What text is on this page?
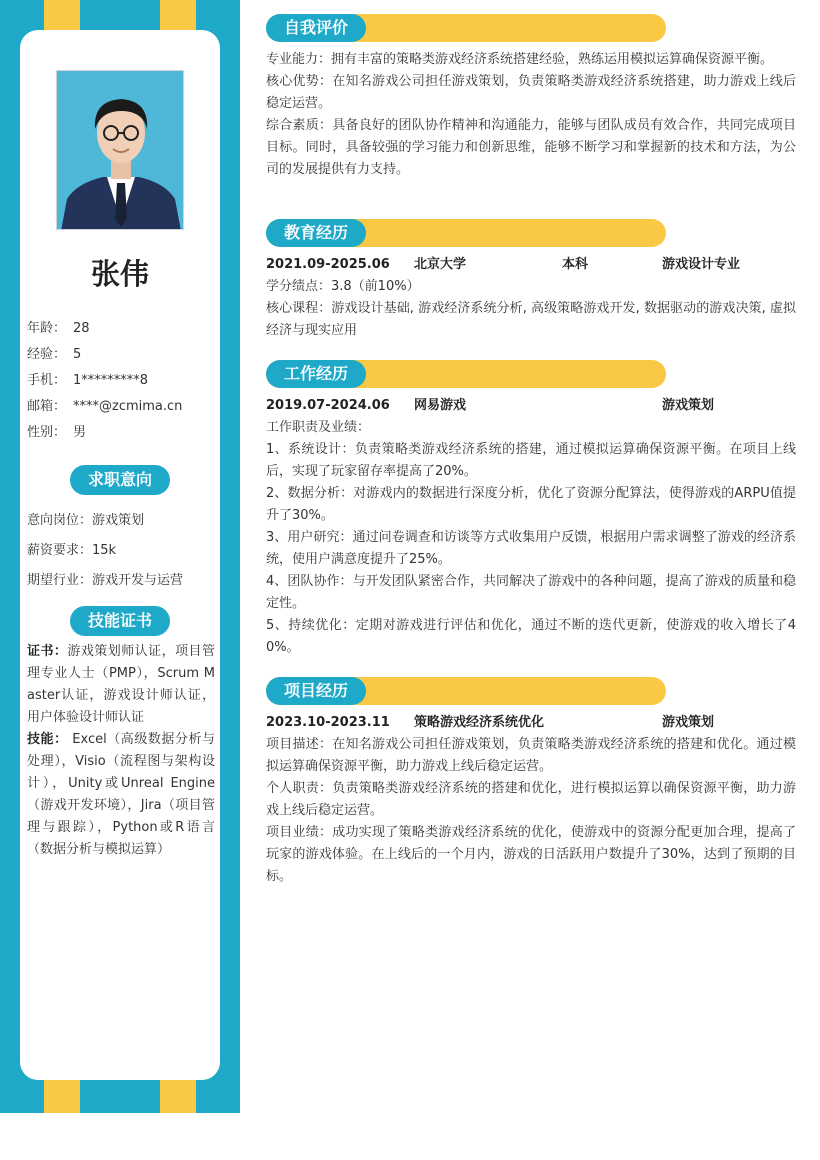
张伟
年龄： 28
经验： 5
手机： 1*********8
邮箱： ****@zcmima.cn
性别： 男
求职意向
意向岗位：游戏策划
薪资要求：15k
期望行业：游戏开发与运营
技能证书

证书：游戏策划师认证，项目管理专业人士（PMP），Scrum Master认证，游戏设计师认证，用户体验设计师认证

技能： Excel（高级数据分析与处理），Visio（流程图与架构设计），Unity或Unreal Engine（游戏开发环境），Jira（项目管理与跟踪），Python或R语言（数据分析与模拟运算）

自我评价

专业能力：拥有丰富的策略类游戏经济系统搭建经验，熟练运用模拟运算确保资源平衡。

核心优势：在知名游戏公司担任游戏策划，负责策略类游戏经济系统搭建，助力游戏上线后稳定运营。

综合素质：具备良好的团队协作精神和沟通能力，能够与团队成员有效合作，共同完成项目目标。同时，具备较强的学习能力和创新思维，能够不断学习和掌握新的技术和方法，为公司的发展提供有力支持。

教育经历
2021.09-2025.06	北京大学	本科	游戏设计专业

学分绩点：3.8（前10%）

核心课程：游戏设计基础, 游戏经济系统分析, 高级策略游戏开发, 数据驱动的游戏决策, 虚拟经济与现实应用

工作经历
2019.07-2024.06	网易游戏	游戏策划

工作职责及业绩：

1、系统设计：负责策略类游戏经济系统的搭建，通过模拟运算确保资源平衡。在项目上线后，实现了玩家留存率提高了20%。

2、数据分析：对游戏内的数据进行深度分析，优化了资源分配算法，使得游戏的ARPU值提升了30%。

3、用户研究：通过问卷调查和访谈等方式收集用户反馈，根据用户需求调整了游戏的经济系统，使用户满意度提升了25%。

4、团队协作：与开发团队紧密合作，共同解决了游戏中的各种问题，提高了游戏的质量和稳定性。

5、持续优化：定期对游戏进行评估和优化，通过不断的迭代更新，使游戏的收入增长了40%。

项目经历
2023.10-2023.11	策略游戏经济系统优化	游戏策划

项目描述：在知名游戏公司担任游戏策划，负责策略类游戏经济系统的搭建和优化。通过模拟运算确保资源平衡，助力游戏上线后稳定运营。

个人职责：负责策略类游戏经济系统的搭建和优化，进行模拟运算以确保资源平衡，助力游戏上线后稳定运营。

项目业绩：成功实现了策略类游戏经济系统的优化，使游戏中的资源分配更加合理，提高了玩家的游戏体验。在上线后的一个月内，游戏的日活跃用户数提升了30%，达到了预期的目标。
